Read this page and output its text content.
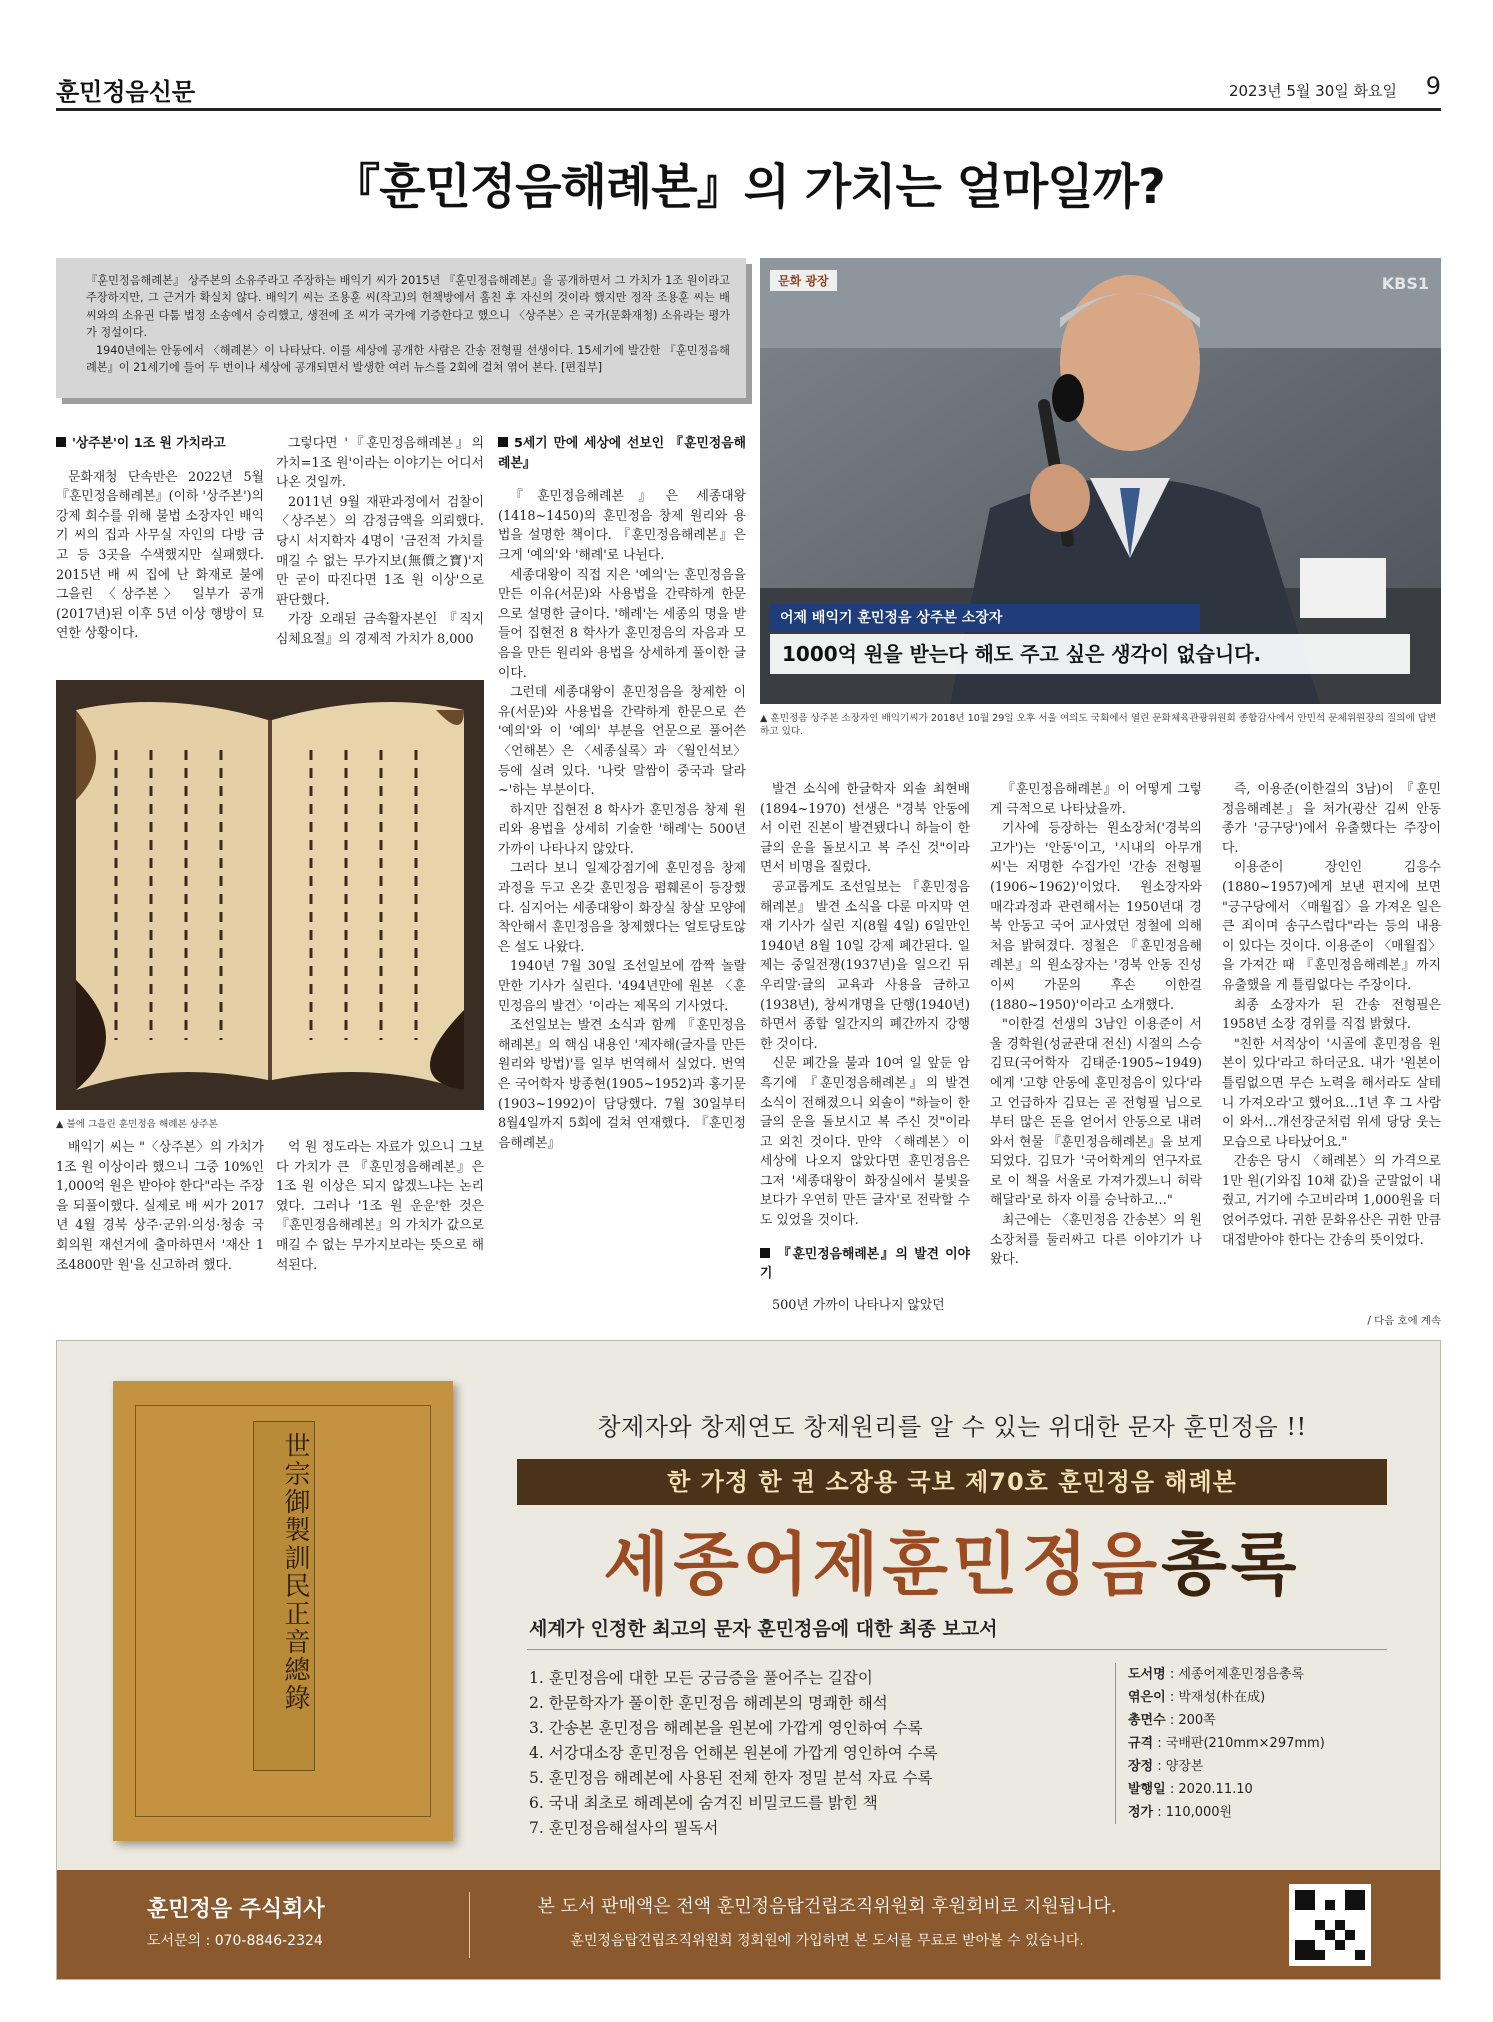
훈민정음신문	2023년 5월 30일 화요일 9
『훈민정음해례본』의 가치는 얼마일까?

『훈민정음해례본』 상주본의 소유주라고 주장하는 배익기 씨가 2015년 『훈민정음해례본』을 공개하면서 그 가치가 1조 원이라고 주장하지만, 그 근거가 확실치 않다. 배익기 씨는 조용훈 씨(작고)의 헌책방에서 훔친 후 자신의 것이라 했지만 정작 조용훈 씨는 배 씨와의 소유권 다툼 법정 소송에서 승리했고, 생전에 조 씨가 국가에 기증한다고 했으니 〈상주본〉은 국가(문화재청) 소유라는 평가가 정설이다.

1940년에는 안동에서 〈해례본〉이 나타났다. 이를 세상에 공개한 사람은 간송 전형필 선생이다. 15세기에 발간한 『훈민정음해례본』이 21세기에 들어 두 번이나 세상에 공개되면서 발생한 여러 뉴스를 2회에 걸쳐 엮어 본다. [편집부]

문화 광장	KBS1
어제 배익기 훈민정음 상주본 소장자
1000억 원을 받는다 해도 주고 싶은 생각이 없습니다.
▲ 훈민정음 상주본 소장자인 배익기씨가 2018년 10월 29일 오후 서울 여의도 국회에서 열린 문화체육관광위원회 종합감사에서 안민석 문체위원장의 질의에 답변하고 있다.
'상주본'이 1조 원 가치라고

문화재청 단속반은 2022년 5월 『훈민정음해례본』(이하 '상주본')의 강제 회수를 위해 불법 소장자인 배익기 씨의 집과 사무실 자인의 다방 금고 등 3곳을 수색했지만 실패했다. 2015년 배 씨 집에 난 화재로 불에 그을린 〈상주본〉 일부가 공개(2017년)된 이후 5년 이상 행방이 묘연한 상황이다.

그렇다면 '『훈민정음해례본』의 가치=1조 원'이라는 이야기는 어디서 나온 것일까.

2011년 9월 재판과정에서 검찰이 〈상주본〉의 감정금액을 의뢰했다. 당시 서지학자 4명이 '금전적 가치를 매길 수 없는 무가지보(無價之寶)'지만 굳이 따진다면 1조 원 이상'으로 판단했다.

가장 오래된 금속활자본인 『직지심체요절』의 경제적 가치가 8,000

▲ 불에 그을린 훈민정음 해례본 상주본

배익기 씨는 "〈상주본〉의 가치가 1조 원 이상이라 했으니 그중 10%인 1,000억 원은 받아야 한다"라는 주장을 되풀이했다. 실제로 배 씨가 2017년 4월 경북 상주·군위·의성·청송 국회의원 재선거에 출마하면서 '재산 1조4800만 원'을 신고하려 했다.

억 원 정도라는 자료가 있으니 그보다 가치가 큰 『훈민정음해례본』은 1조 원 이상은 되지 않겠느냐는 논리였다. 그러나 '1조 원 운운'한 것은 『훈민정음해례본』의 가치가 값으로 매길 수 없는 무가지보라는 뜻으로 해석된다.

5세기 만에 세상에 선보인 『훈민정음해례본』

『훈민정음해례본』은 세종대왕(1418~1450)의 훈민정음 창제 원리와 용법을 설명한 책이다. 『훈민정음해례본』은 크게 '예의'와 '해례'로 나뉜다.

세종대왕이 직접 지은 '예의'는 훈민정음을 만든 이유(서문)와 사용법을 간략하게 한문으로 설명한 글이다. '해례'는 세종의 명을 받들어 집현전 8 학사가 훈민정음의 자음과 모음을 만든 원리와 용법을 상세하게 풀이한 글이다.

그런데 세종대왕이 훈민정음을 창제한 이유(서문)와 사용법을 간략하게 한문으로 쓴 '예의'와 이 '예의' 부분을 언문으로 풀어쓴 〈언해본〉은 〈세종실록〉과 〈월인석보〉 등에 실려 있다. '나랏 말쌈이 중국과 달라~'하는 부분이다.

하지만 집현전 8 학사가 훈민정음 창제 원리와 용법을 상세히 기술한 '해례'는 500년 가까이 나타나지 않았다.

그러다 보니 일제강점기에 훈민정음 창제 과정을 두고 온갖 훈민정음 폄훼론이 등장했다. 심지어는 세종대왕이 화장실 창살 모양에 착안해서 훈민정음을 창제했다는 얼토당토않은 설도 나왔다.

1940년 7월 30일 조선일보에 깜짝 놀랄만한 기사가 실린다. '494년만에 원본 〈훈민정음의 발견〉'이라는 제목의 기사였다.

조선일보는 발견 소식과 함께 『훈민정음해례본』의 핵심 내용인 '제자해(글자를 만든 원리와 방법)'를 일부 번역해서 실었다. 번역은 국어학자 방종현(1905~1952)과 홍기문(1903~1992)이 담당했다. 7월 30일부터 8월4일까지 5회에 걸쳐 연재했다. 『훈민정음해례본』

발견 소식에 한글학자 외솔 최현배(1894~1970) 선생은 "경북 안동에서 이런 진본이 발견됐다니 하늘이 한글의 운을 돌보시고 복 주신 것"이라면서 비명을 질렀다.

공교롭게도 조선일보는 『훈민정음해례본』 발견 소식을 다룬 마지막 연재 기사가 실린 지(8월 4일) 6일만인 1940년 8월 10일 강제 폐간된다. 일제는 중일전쟁(1937년)을 일으킨 뒤 우리말·글의 교육과 사용을 금하고(1938년), 창씨개명을 단행(1940년)하면서 종합 일간지의 폐간까지 강행한 것이다.

신문 폐간을 불과 10여 일 앞둔 암흑기에 『훈민정음해례본』의 발견 소식이 전해졌으니 외솔이 "하늘이 한글의 운을 돌보시고 복 주신 것"이라고 외친 것이다. 만약 〈해례본〉이 세상에 나오지 않았다면 훈민정음은 그저 '세종대왕이 화장실에서 불빛을 보다가 우연히 만든 글자'로 전락할 수도 있었을 것이다.

『훈민정음해례본』의 발견 이야기

500년 가까이 나타나지 않았던

『훈민정음해례본』이 어떻게 그렇게 극적으로 나타났을까.

기사에 등장하는 원소장처('경북의 고가')는 '안동'이고, '시내의 아무개 씨'는 저명한 수집가인 '간송 전형필(1906~1962)'이었다. 원소장자와 매각과정과 관련해서는 1950년대 경북 안동고 국어 교사였던 정철에 의해 처음 밝혀졌다. 정철은 『훈민정음해례본』의 원소장자는 '경북 안동 진성 이씨 가문의 후손 이한걸(1880~1950)'이라고 소개했다.

"이한걸 선생의 3남인 이용준이 서울 경학원(성균관대 전신) 시절의 스승 김묘(국어학자 김태준·1905~1949)에게 '고향 안동에 훈민정음이 있다'라고 언급하자 김묘는 곧 전형필 님으로부터 많은 돈을 얻어서 안동으로 내려와서 현물 『훈민정음해례본』을 보게 되었다. 김묘가 '국어학계의 연구자료로 이 책을 서울로 가져가겠느니 허락해달라'로 하자 이를 승낙하고…"

최근에는 〈훈민정음 간송본〉의 원소장처를 둘러싸고 다른 이야기가 나왔다.

즉, 이용준(이한걸의 3남)이 『훈민정음해례본』을 처가(광산 김씨 안동 종가 '긍구당')에서 유출했다는 주장이다.

이용준이 장인인 김응수(1880~1957)에게 보낸 편지에 보면 "긍구당에서 〈매월집〉을 가져온 일은 큰 죄이며 송구스럽다"라는 등의 내용이 있다는 것이다. 이용준이 〈매월집〉을 가져간 때 『훈민정음해례본』까지 유출했을 게 틀림없다는 주장이다.

최종 소장자가 된 간송 전형필은 1958년 소장 경위를 직접 밝혔다.

"친한 서적상이 '시골에 훈민정음 원본이 있다'라고 하더군요. 내가 '원본이 틀림없으면 무슨 노력을 해서라도 살테니 가져오라'고 했어요…1년 후 그 사람이 와서…개선장군처럼 위세 당당 웃는 모습으로 나타났어요."

간송은 당시 〈해례본〉의 가격으로 1만 원(기와집 10채 값)을 군말없이 내줬고, 거기에 수고비라며 1,000원을 더 얹어주었다. 귀한 문화유산은 귀한 만큼 대접받아야 한다는 간송의 뜻이었다.

/ 다음 호에 계속
世宗御製訓民正音總錄
창제자와 창제연도 창제원리를 알 수 있는 위대한 문자 훈민정음 !!
한 가정 한 권 소장용 국보 제70호 훈민정음 해례본
세종어제훈민정음총록
세계가 인정한 최고의 문자 훈민정음에 대한 최종 보고서
1. 훈민정음에 대한 모든 궁금증을 풀어주는 길잡이
2. 한문학자가 풀이한 훈민정음 해례본의 명쾌한 해석
3. 간송본 훈민정음 해례본을 원본에 가깝게 영인하여 수록
4. 서강대소장 훈민정음 언해본 원본에 가깝게 영인하여 수록
5. 훈민정음 해례본에 사용된 전체 한자 정밀 분석 자료 수록
6. 국내 최초로 해례본에 숨겨진 비밀코드를 밝힌 책
7. 훈민정음해설사의 필독서
도서명 : 세종어제훈민정음총록
엮은이 : 박재성(朴在成)
총면수 : 200쪽
규격 : 국배판(210mm×297mm)
장정 : 양장본
발행일 : 2020.11.10
정가 : 110,000원
훈민정음 주식회사
도서문의 : 070-8846-2324
본 도서 판매액은 전액 훈민정음탑건립조직위원회 후원회비로 지원됩니다.
훈민정음탑건립조직위원회 정회원에 가입하면 본 도서를 무료로 받아볼 수 있습니다.
